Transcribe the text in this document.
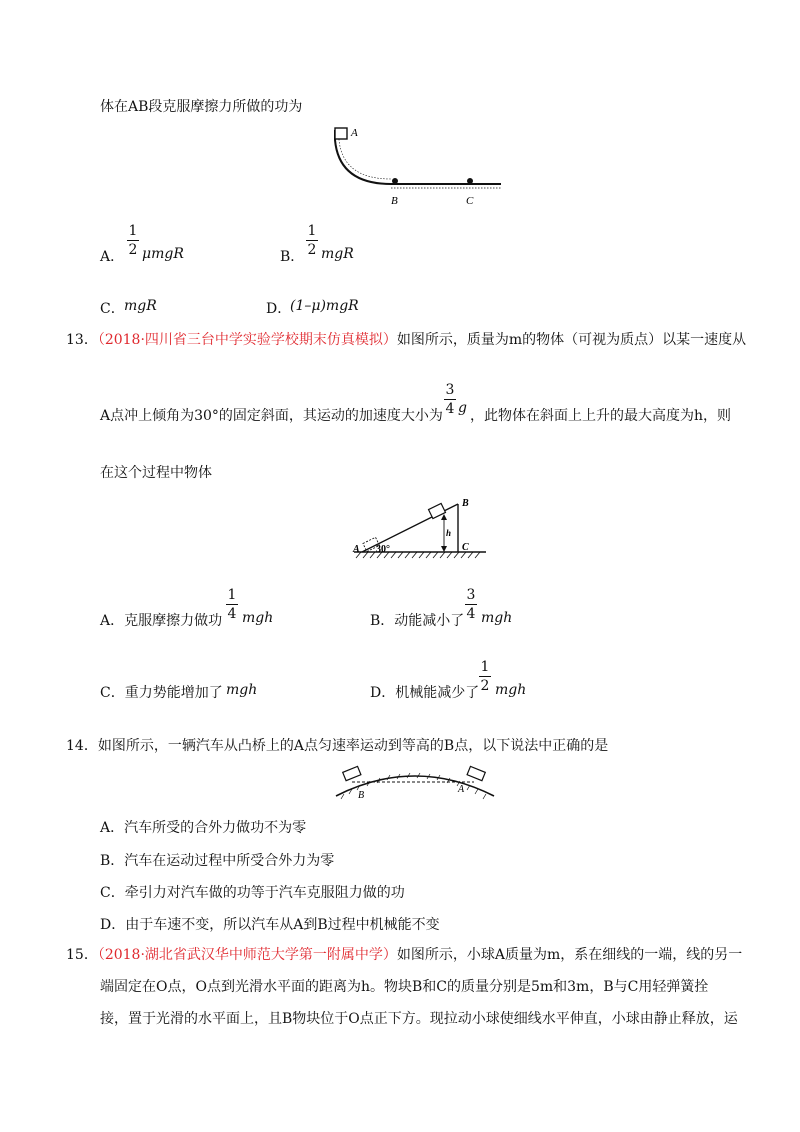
体在AB段克服摩擦力所做的功为
A
B	C
A．
1
2 μmgR	B．
1
2 mgR
C． mgR	D．
(1–μ)mgR
13．（2018·四川省三台中学实验学校期末仿真模拟）如图所示，质量为m的物体（可视为质点）以某一速度从
A点冲上倾角为30°的固定斜面，其运动的加速度大小为
3
4 g ，此物体在斜面上上升的最大高度为h，则
在这个过程中物体
h
A 30°
B
C
A．克服摩擦力做功
1
4 mgh	B．动能减小了
3
4 mgh
C．重力势能增加了 mgh	D．机械能减少了
1
2 mgh
14．如图所示，一辆汽车从凸桥上的A点匀速率运动到等高的B点，以下说法中正确的是
B
A
A．汽车所受的合外力做功不为零
B．汽车在运动过程中所受合外力为零
C．牵引力对汽车做的功等于汽车克服阻力做的功
D．由于车速不变，所以汽车从A到B过程中机械能不变
15．（2018·湖北省武汉华中师范大学第一附属中学）如图所示，小球A质量为m，系在细线的一端，线的另一
端固定在O点，O点到光滑水平面的距离为h。物块B和C的质量分别是5m和3m，B与C用轻弹簧拴
接，置于光滑的水平面上，且B物块位于O点正下方。现拉动小球使细线水平伸直，小球由静止释放，运
